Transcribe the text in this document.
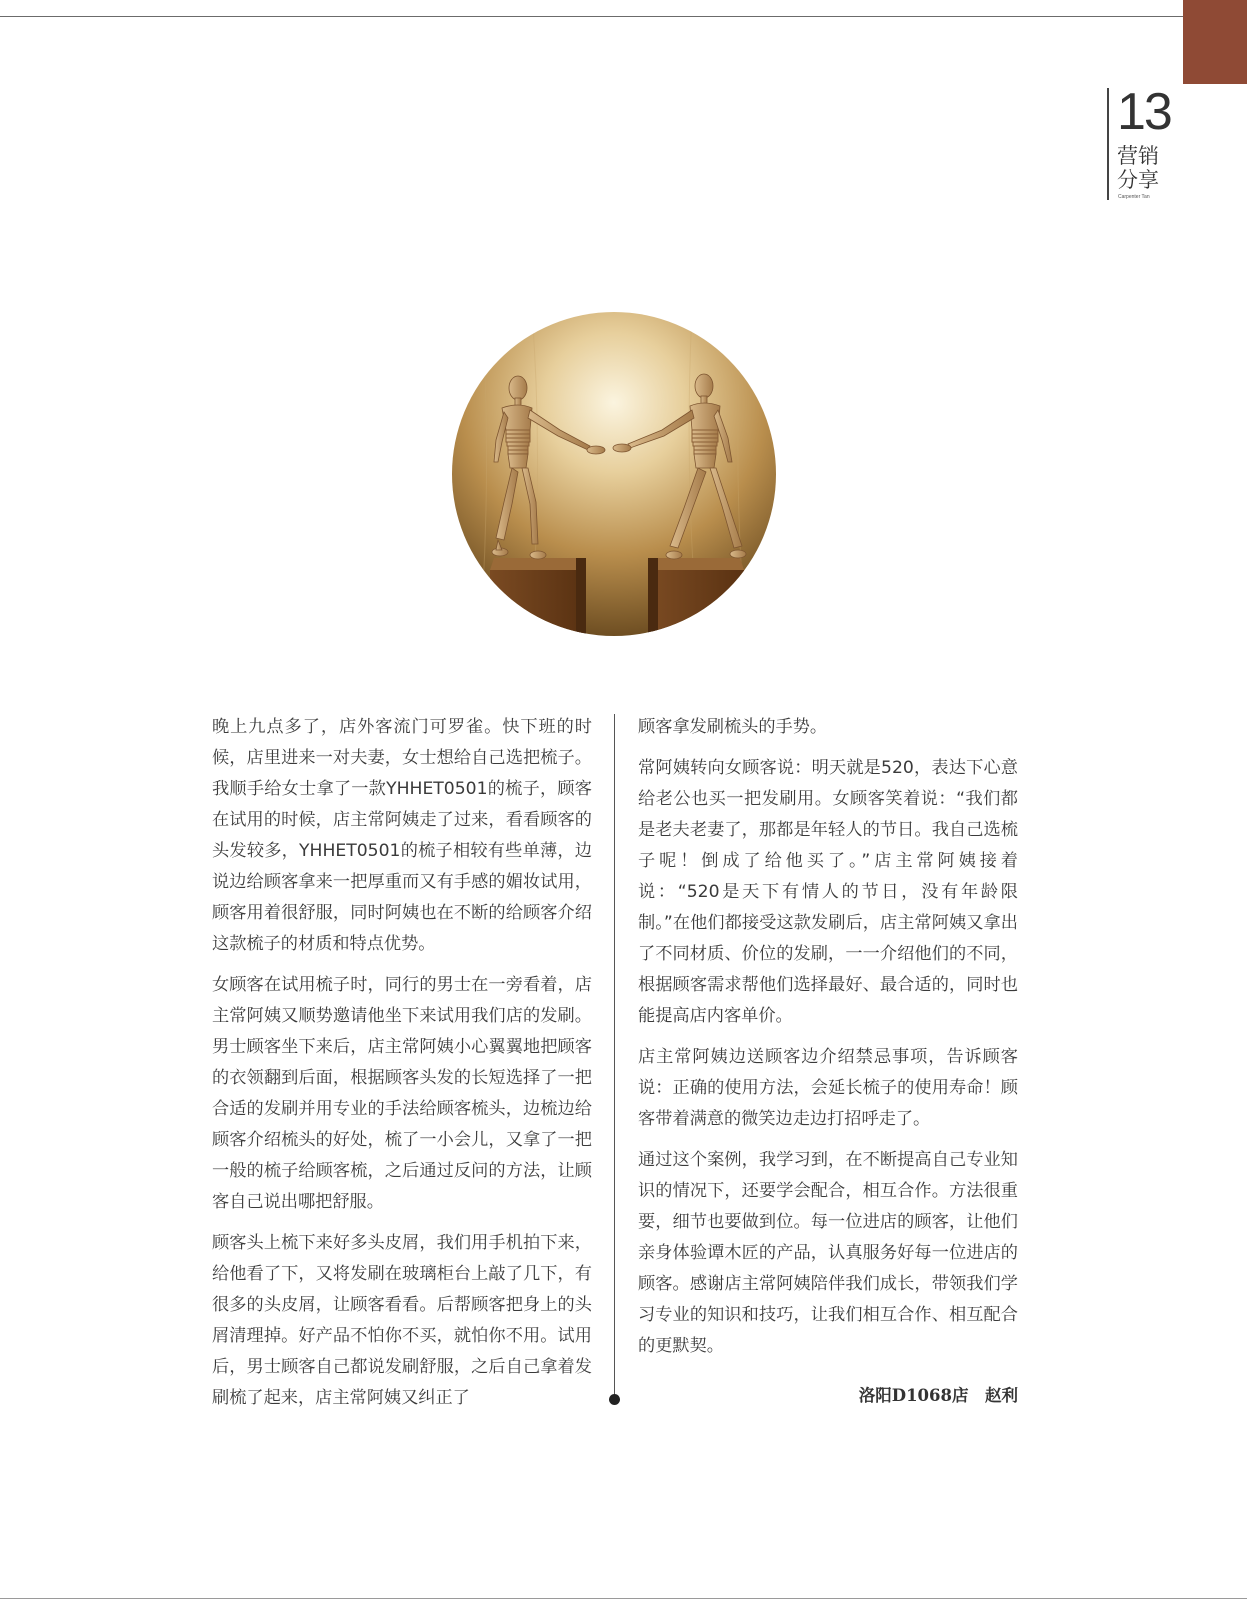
13
营销
分享
Carpenter Tan

晚上九点多了，店外客流门可罗雀。快下班的时候，店里进来一对夫妻，女士想给自己选把梳子。我顺手给女士拿了一款YHHET0501的梳子，顾客在试用的时候，店主常阿姨走了过来，看看顾客的头发较多，YHHET0501的梳子相较有些单薄，边说边给顾客拿来一把厚重而又有手感的媚妆试用，顾客用着很舒服，同时阿姨也在不断的给顾客介绍这款梳子的材质和特点优势。

女顾客在试用梳子时，同行的男士在一旁看着，店主常阿姨又顺势邀请他坐下来试用我们店的发刷。男士顾客坐下来后，店主常阿姨小心翼翼地把顾客的衣领翻到后面，根据顾客头发的长短选择了一把合适的发刷并用专业的手法给顾客梳头，边梳边给顾客介绍梳头的好处，梳了一小会儿，又拿了一把一般的梳子给顾客梳，之后通过反问的方法，让顾客自己说出哪把舒服。

顾客头上梳下来好多头皮屑，我们用手机拍下来，给他看了下，又将发刷在玻璃柜台上敲了几下，有很多的头皮屑，让顾客看看。后帮顾客把身上的头屑清理掉。好产品不怕你不买，就怕你不用。试用后，男士顾客自己都说发刷舒服，之后自己拿着发刷梳了起来，店主常阿姨又纠正了

顾客拿发刷梳头的手势。

常阿姨转向女顾客说：明天就是520，表达下心意给老公也买一把发刷用。女顾客笑着说：“我们都是老夫老妻了，那都是年轻人的节日。我自己选梳子呢！倒成了给他买了。”店主常阿姨接着说：“520是天下有情人的节日，没有年龄限制。”在他们都接受这款发刷后，店主常阿姨又拿出了不同材质、价位的发刷，一一介绍他们的不同，根据顾客需求帮他们选择最好、最合适的，同时也能提高店内客单价。

店主常阿姨边送顾客边介绍禁忌事项，告诉顾客说：正确的使用方法，会延长梳子的使用寿命！顾客带着满意的微笑边走边打招呼走了。

通过这个案例，我学习到，在不断提高自己专业知识的情况下，还要学会配合，相互合作。方法很重要，细节也要做到位。每一位进店的顾客，让他们亲身体验谭木匠的产品，认真服务好每一位进店的顾客。感谢店主常阿姨陪伴我们成长，带领我们学习专业的知识和技巧，让我们相互合作、相互配合的更默契。

洛阳D1068店　赵利
